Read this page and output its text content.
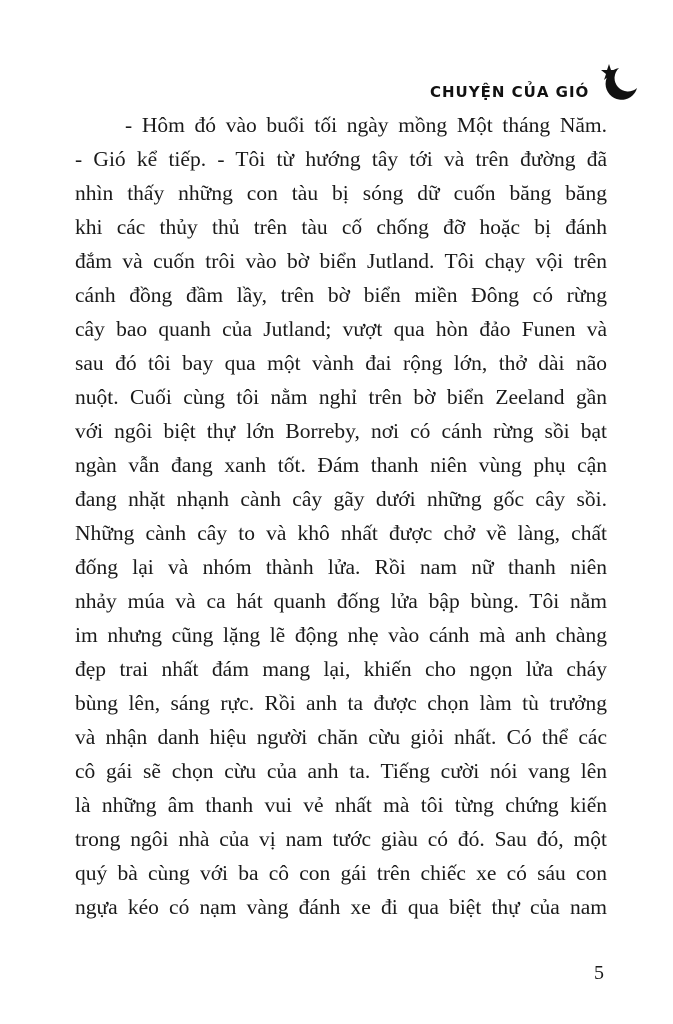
CHUYỆN CỦA GIÓ
- Hôm đó vào buổi tối ngày mồng Một tháng Năm.
- Gió kể tiếp. - Tôi từ hướng tây tới và trên đường đã
nhìn thấy những con tàu bị sóng dữ cuốn băng băng
khi các thủy thủ trên tàu cố chống đỡ hoặc bị đánh
đắm và cuốn trôi vào bờ biển Jutland. Tôi chạy vội trên
cánh đồng đầm lầy, trên bờ biển miền Đông có rừng
cây bao quanh của Jutland; vượt qua hòn đảo Funen và
sau đó tôi bay qua một vành đai rộng lớn, thở dài não
nuột. Cuối cùng tôi nằm nghỉ trên bờ biển Zeeland gần
với ngôi biệt thự lớn Borreby, nơi có cánh rừng sồi bạt
ngàn vẫn đang xanh tốt. Đám thanh niên vùng phụ cận
đang nhặt nhạnh cành cây gãy dưới những gốc cây sồi.
Những cành cây to và khô nhất được chở về làng, chất
đống lại và nhóm thành lửa. Rồi nam nữ thanh niên
nhảy múa và ca hát quanh đống lửa bập bùng. Tôi nằm
im nhưng cũng lặng lẽ động nhẹ vào cánh mà anh chàng
đẹp trai nhất đám mang lại, khiến cho ngọn lửa cháy
bùng lên, sáng rực. Rồi anh ta được chọn làm tù trưởng
và nhận danh hiệu người chăn cừu giỏi nhất. Có thể các
cô gái sẽ chọn cừu của anh ta. Tiếng cười nói vang lên
là những âm thanh vui vẻ nhất mà tôi từng chứng kiến
trong ngôi nhà của vị nam tước giàu có đó. Sau đó, một
quý bà cùng với ba cô con gái trên chiếc xe có sáu con
ngựa kéo có nạm vàng đánh xe đi qua biệt thự của nam
5
